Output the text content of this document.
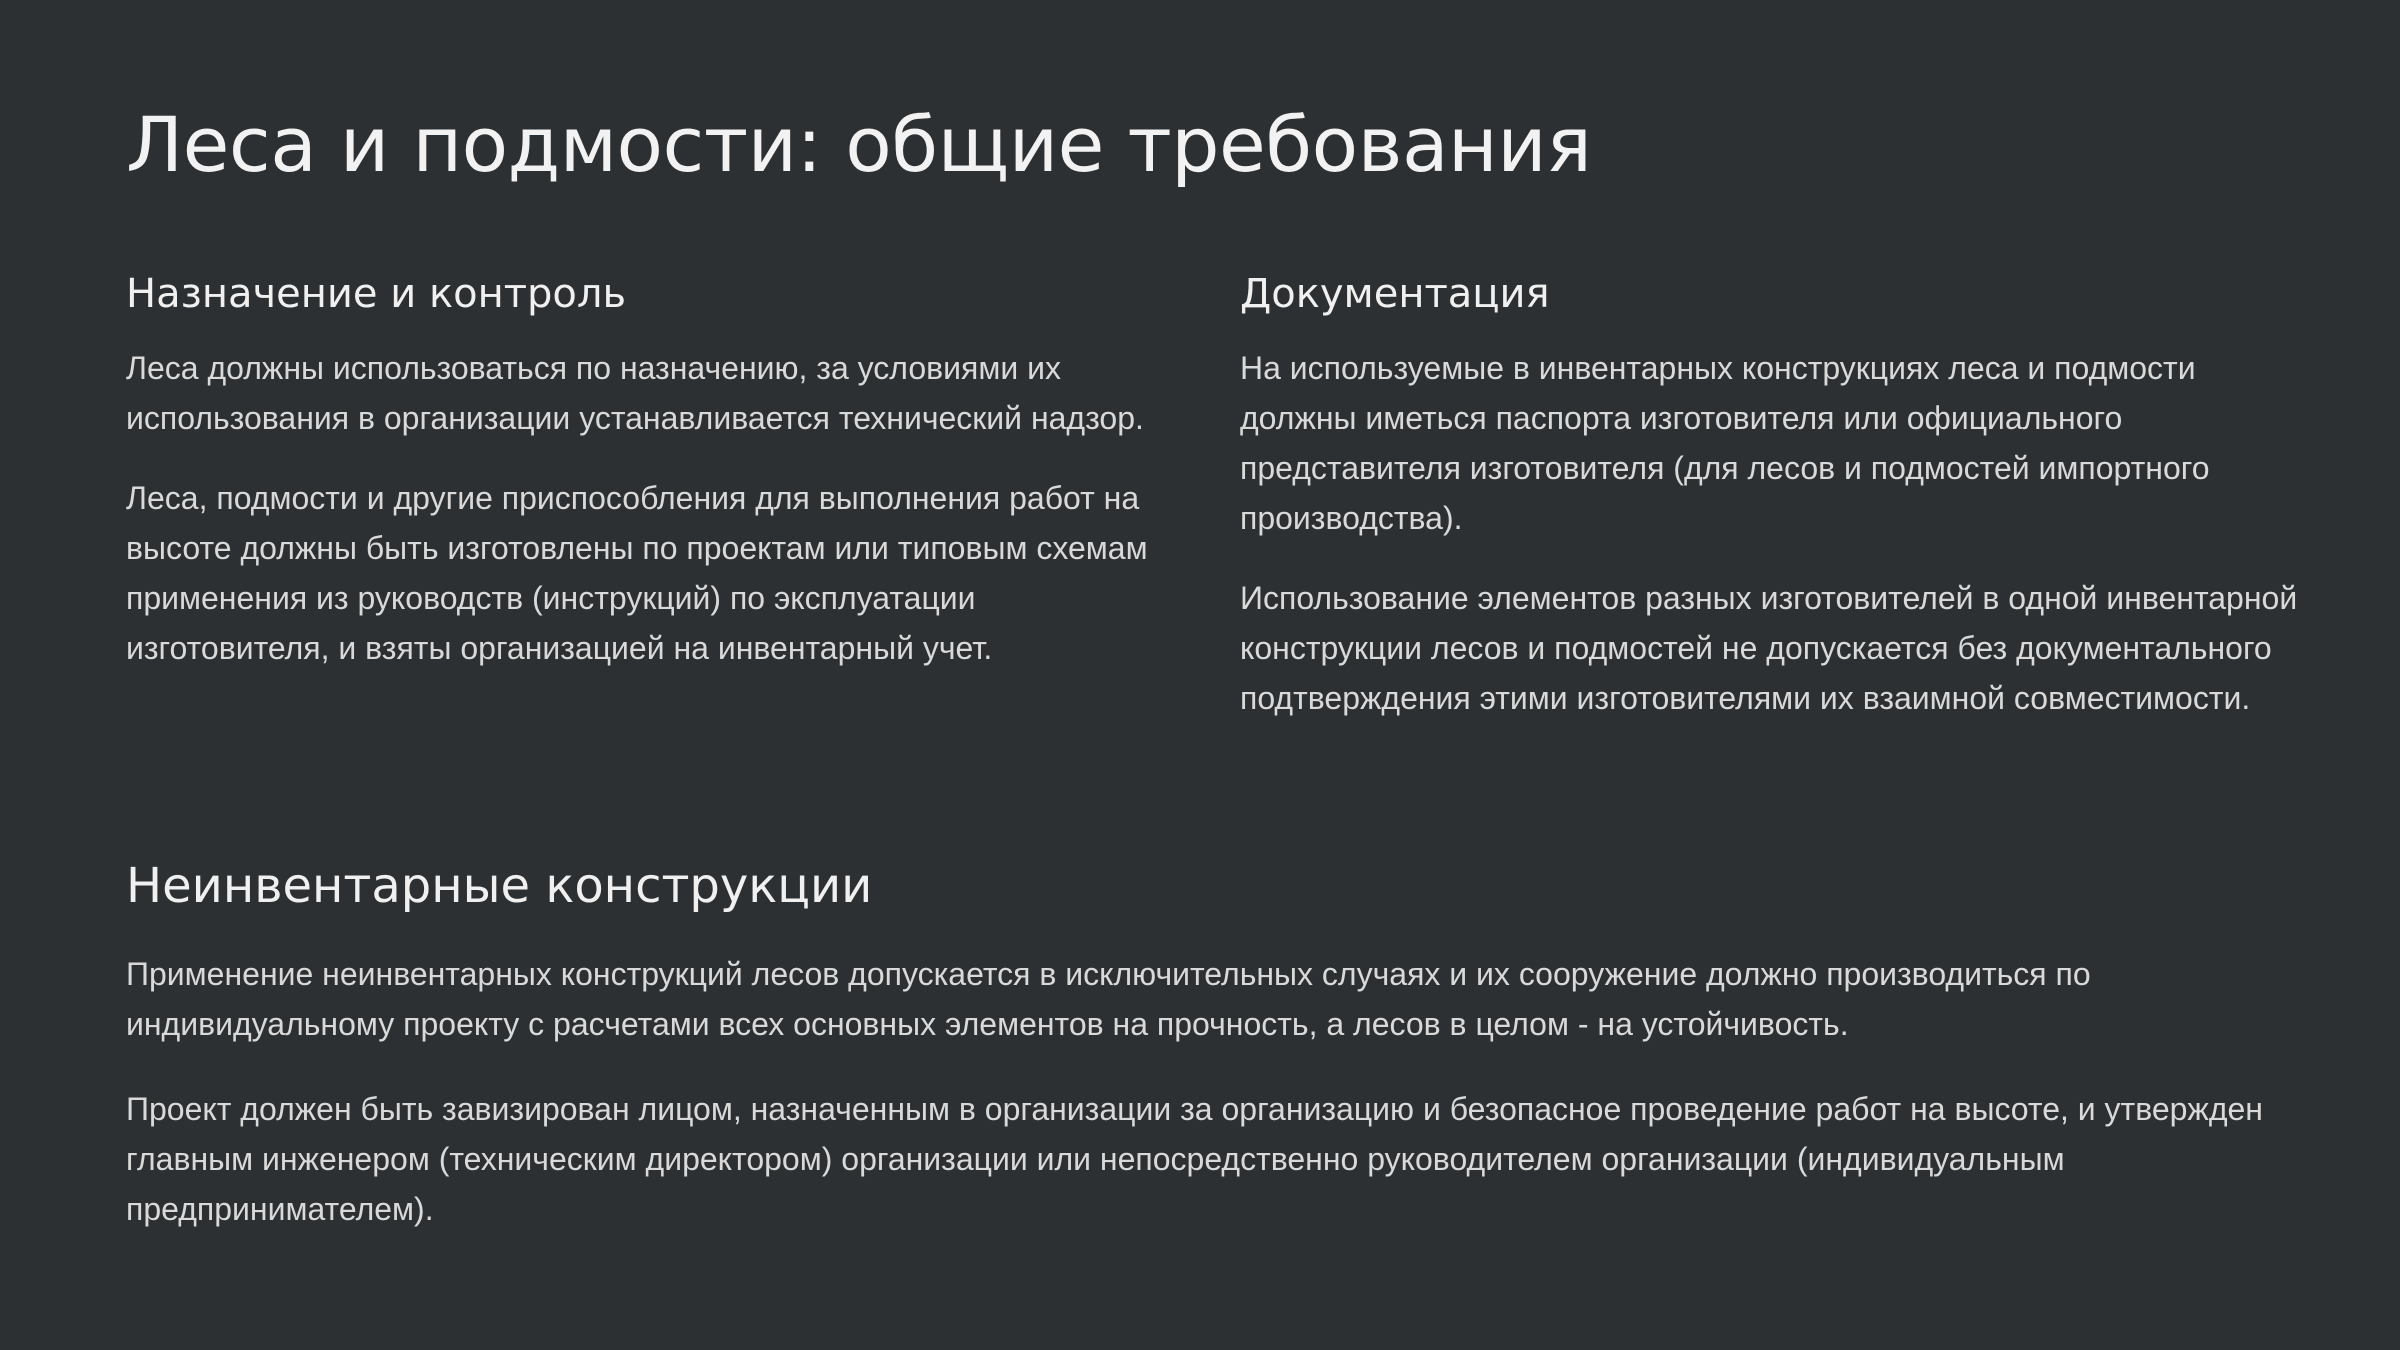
Леса и подмости: общие требования
Назначение и контроль

Леса должны использоваться по назначению, за условиями их использования в организации устанавливается технический надзор.

Леса, подмости и другие приспособления для выполнения работ на высоте должны быть изготовлены по проектам или типовым схемам применения из руководств (инструкций) по эксплуатации изготовителя, и взяты организацией на инвентарный учет.

Документация

На используемые в инвентарных конструкциях леса и подмости должны иметься паспорта изготовителя или официального представителя изготовителя (для лесов и подмостей импортного производства).

Использование элементов разных изготовителей в одной инвентарной конструкции лесов и подмостей не допускается без документального подтверждения этими изготовителями их взаимной совместимости.

Неинвентарные конструкции

Применение неинвентарных конструкций лесов допускается в исключительных случаях и их сооружение должно производиться по индивидуальному проекту с расчетами всех основных элементов на прочность, а лесов в целом - на устойчивость.

Проект должен быть завизирован лицом, назначенным в организации за организацию и безопасное проведение работ на высоте, и утвержден главным инженером (техническим директором) организации или непосредственно руководителем организации (индивидуальным предпринимателем).
